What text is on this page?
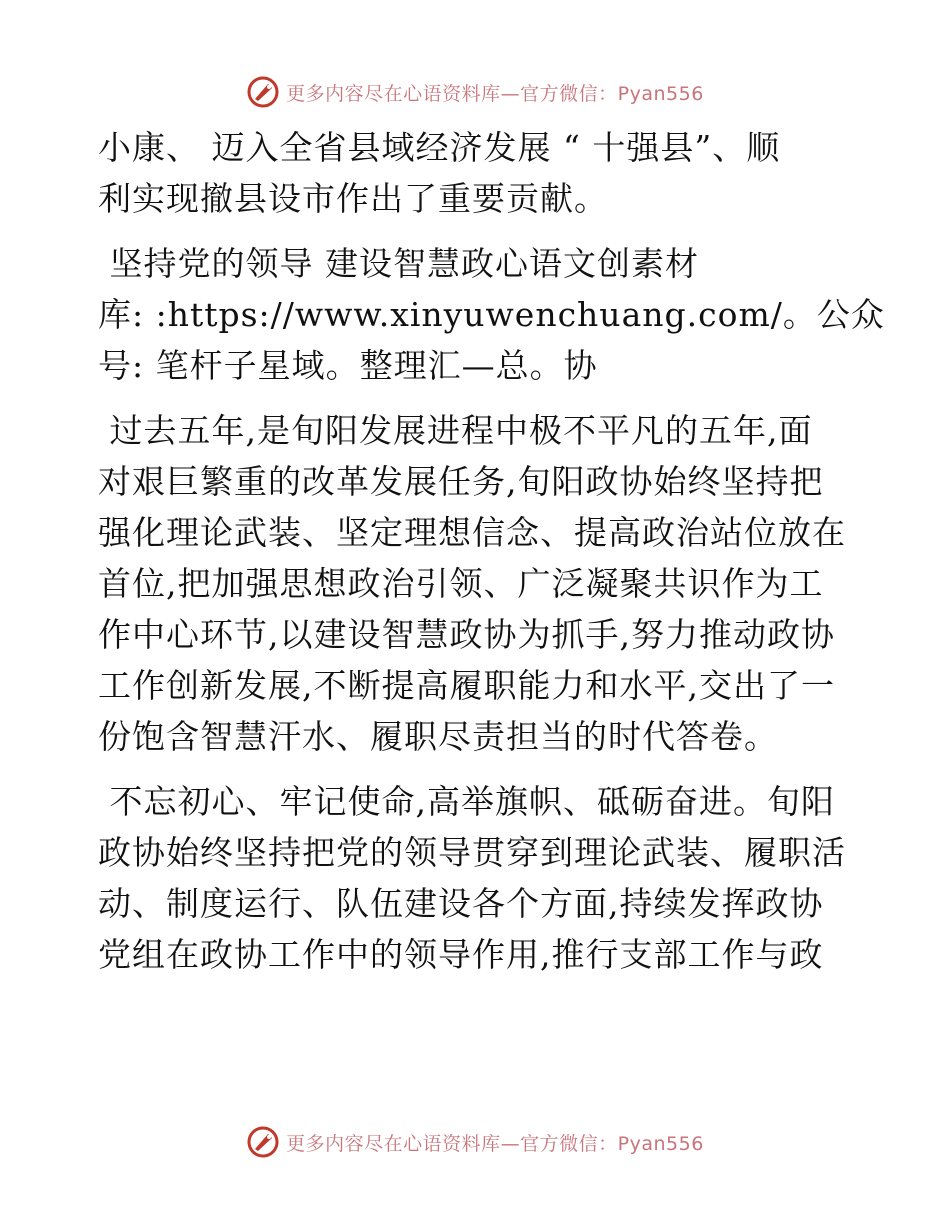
更多内容尽在心语资料库—官方微信：Pyan556
小康、 迈入全省县域经济发展 “ 十强县”、顺
利实现撤县设市作出了重要贡献。
坚持党的领导 建设智慧政心语文创素材
库: :https://www.xinyuwenchuang.com/。公众
号: 笔杆子星域。整理汇—总。协
过去五年,是旬阳发展进程中极不平凡的五年,面
对艰巨繁重的改革发展任务,旬阳政协始终坚持把
强化理论武装、坚定理想信念、提高政治站位放在
首位,把加强思想政治引领、广泛凝聚共识作为工
作中心环节,以建设智慧政协为抓手,努力推动政协
工作创新发展,不断提高履职能力和水平,交出了一
份饱含智慧汗水、履职尽责担当的时代答卷。
不忘初心、牢记使命,高举旗帜、砥砺奋进。旬阳
政协始终坚持把党的领导贯穿到理论武装、履职活
动、制度运行、队伍建设各个方面,持续发挥政协
党组在政协工作中的领导作用,推行支部工作与政
更多内容尽在心语资料库—官方微信：Pyan556
